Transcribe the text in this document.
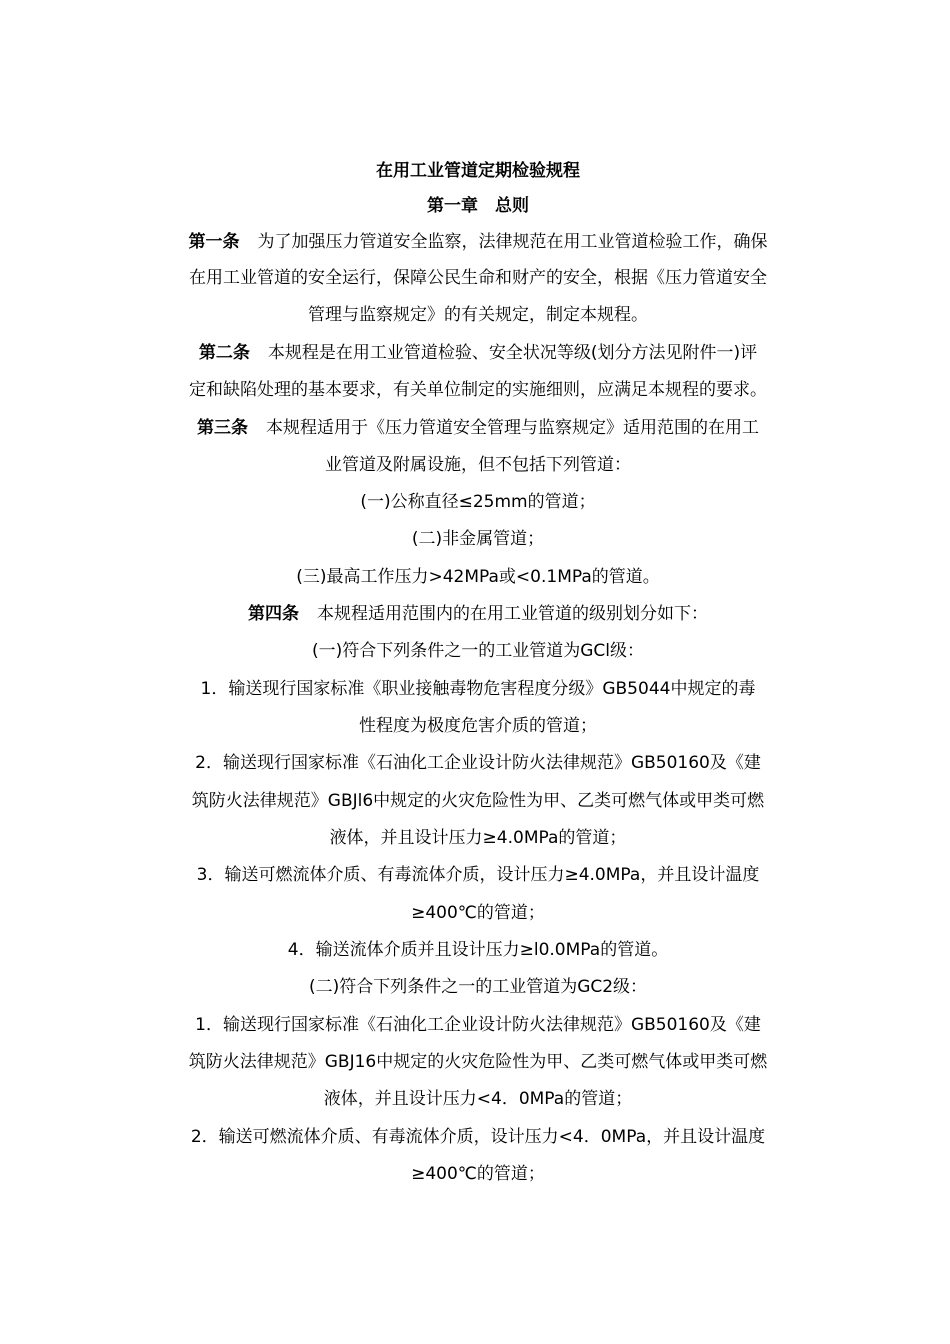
在用工业管道定期检验规程
第一章　总则
第一条 为了加强压力管道安全监察，法律规范在用工业管道检验工作，确保
在用工业管道的安全运行，保障公民生命和财产的安全，根据《压力管道安全
管理与监察规定》的有关规定，制定本规程。
第二条 本规程是在用工业管道检验、安全状况等级(划分方法见附件一)评
定和缺陷处理的基本要求，有关单位制定的实施细则，应满足本规程的要求。
第三条 本规程适用于《压力管道安全管理与监察规定》适用范围的在用工
业管道及附属设施，但不包括下列管道：
(一)公称直径≤25mm的管道；
(二)非金属管道；
(三)最高工作压力>42MPa或<0.1MPa的管道。
第四条 本规程适用范围内的在用工业管道的级别划分如下：
(一)符合下列条件之一的工业管道为GCl级：
1．输送现行国家标准《职业接触毒物危害程度分级》GB5044中规定的毒
性程度为极度危害介质的管道；
2．输送现行国家标准《石油化工企业设计防火法律规范》GB50160及《建
筑防火法律规范》GBJl6中规定的火灾危险性为甲、乙类可燃气体或甲类可燃
液体，并且设计压力≥4.0MPa的管道；
3．输送可燃流体介质、有毒流体介质，设计压力≥4.0MPa，并且设计温度
≥400℃的管道；
4．输送流体介质并且设计压力≥l0.0MPa的管道。
(二)符合下列条件之一的工业管道为GC2级：
1．输送现行国家标准《石油化工企业设计防火法律规范》GB50160及《建
筑防火法律规范》GBJ16中规定的火灾危险性为甲、乙类可燃气体或甲类可燃
液体，并且设计压力<4．0MPa的管道；
2．输送可燃流体介质、有毒流体介质，设计压力<4．0MPa，并且设计温度
≥400℃的管道；
